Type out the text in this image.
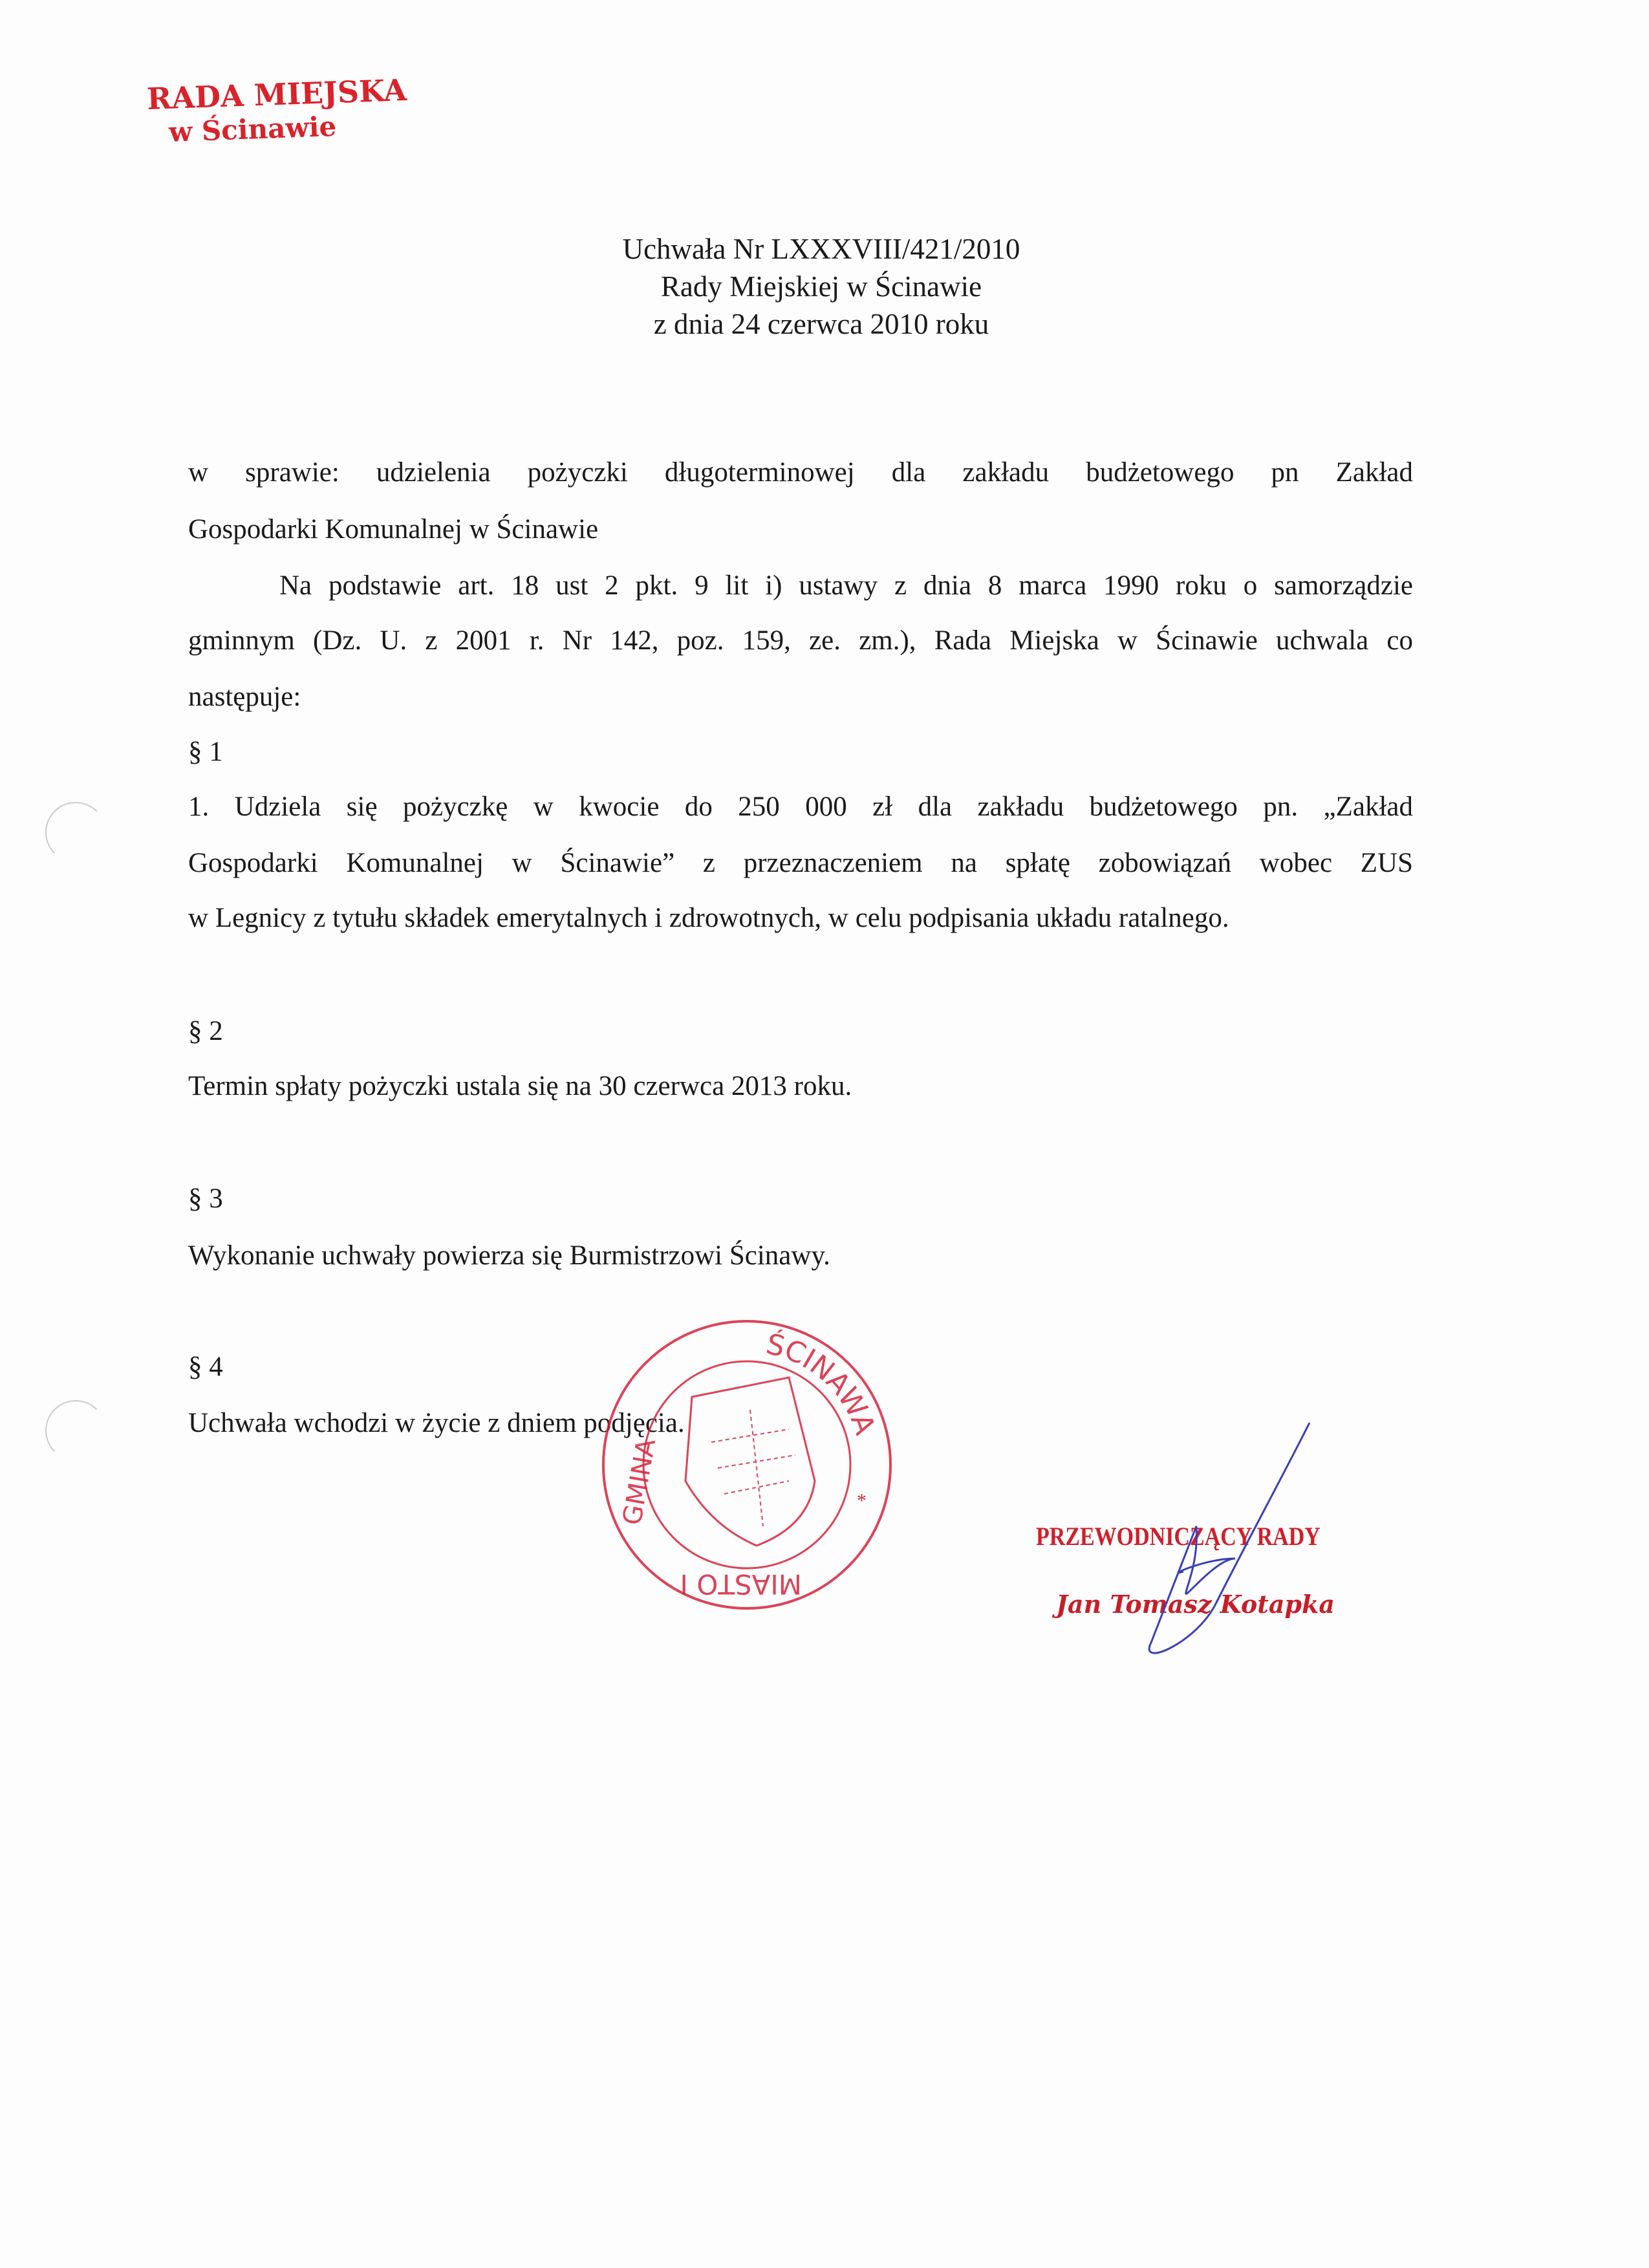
RADA MIEJSKA
w Ścinawie
Uchwała Nr LXXXVIII/421/2010
Rady Miejskiej w Ścinawie
z dnia 24 czerwca 2010 roku
w sprawie: udzielenia pożyczki długoterminowej dla zakładu budżetowego pn Zakład
Gospodarki Komunalnej w Ścinawie
Na podstawie art. 18 ust 2 pkt. 9 lit i) ustawy z dnia 8 marca 1990 roku o samorządzie
gminnym (Dz. U. z 2001 r. Nr 142, poz. 159, ze. zm.), Rada Miejska w Ścinawie uchwala co
następuje:
§ 1
1. Udziela się pożyczkę w kwocie do 250 000 zł dla zakładu budżetowego pn. „Zakład
Gospodarki Komunalnej w Ścinawie” z przeznaczeniem na spłatę zobowiązań wobec ZUS
w Legnicy z tytułu składek emerytalnych i zdrowotnych, w celu podpisania układu ratalnego.
§ 2
Termin spłaty pożyczki ustala się na 30 czerwca 2013 roku.
§ 3
Wykonanie uchwały powierza się Burmistrzowi Ścinawy.
§ 4
Uchwała wchodzi w życie z dniem podjęcia.
ŚCINAWA
GMINA
MIASTO I
*
PRZEWODNICZĄCY RADY
Jan Tomasz Kotapka
